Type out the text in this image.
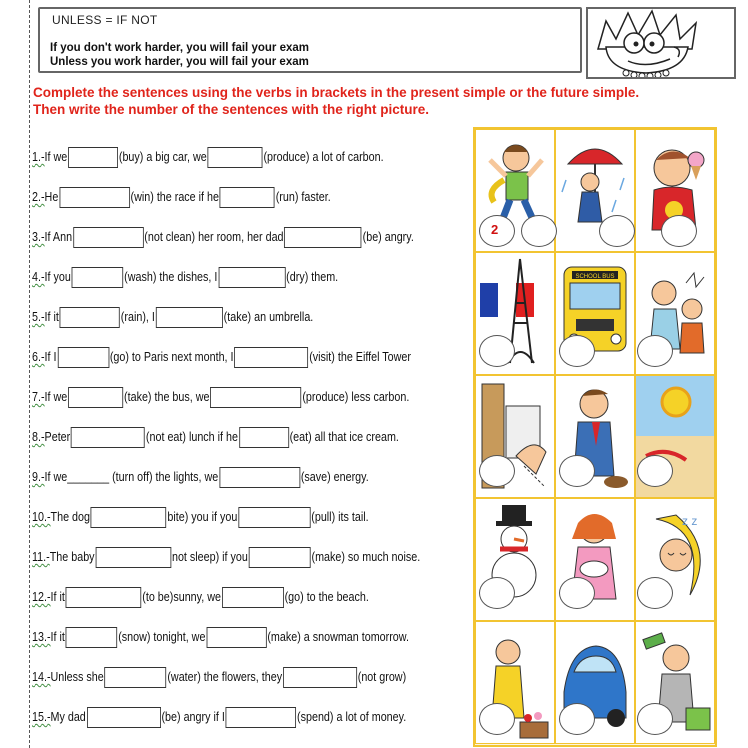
UNLESS = IF NOT
If you don't work harder, you will fail your exam
Unless you work harder, you will fail your exam
Complete the sentences using the verbs in brackets in the present simple or the future simple. Then write the number of the sentences with the right picture.
1.- If we	(buy) a big car, we	(produce) a lot of carbon.
2.- He	(win) the race if he	(run) faster.
3.- If Ann	(not clean) her room, her dad	(be) angry.
4.- If you	(wash) the dishes, I	(dry) them.
5.- If it	(rain), I	(take) an umbrella.
6.- If I	(go) to Paris next month, I	(visit) the Eiffel Tower
7.- If we	(take) the bus, we	(produce) less carbon.
8.- Peter	(not eat) lunch if he	(eat) all that ice cream.
9.- If we _______ (turn off) the lights, we	(save) energy.
10.- The dog	bite) you if you	(pull) its tail.
11.- The baby	not sleep) if you	(make) so much noise.
12.- If it	(to be)sunny, we	(go) to the beach.
13.- If it	(snow) tonight, we	(make) a snowman tomorrow.
14.- Unless she	(water) the flowers, they	(not grow)
15.- My dad	(be) angry if I	(spend) a lot of money.
SCHOOL BUS
z z
2
